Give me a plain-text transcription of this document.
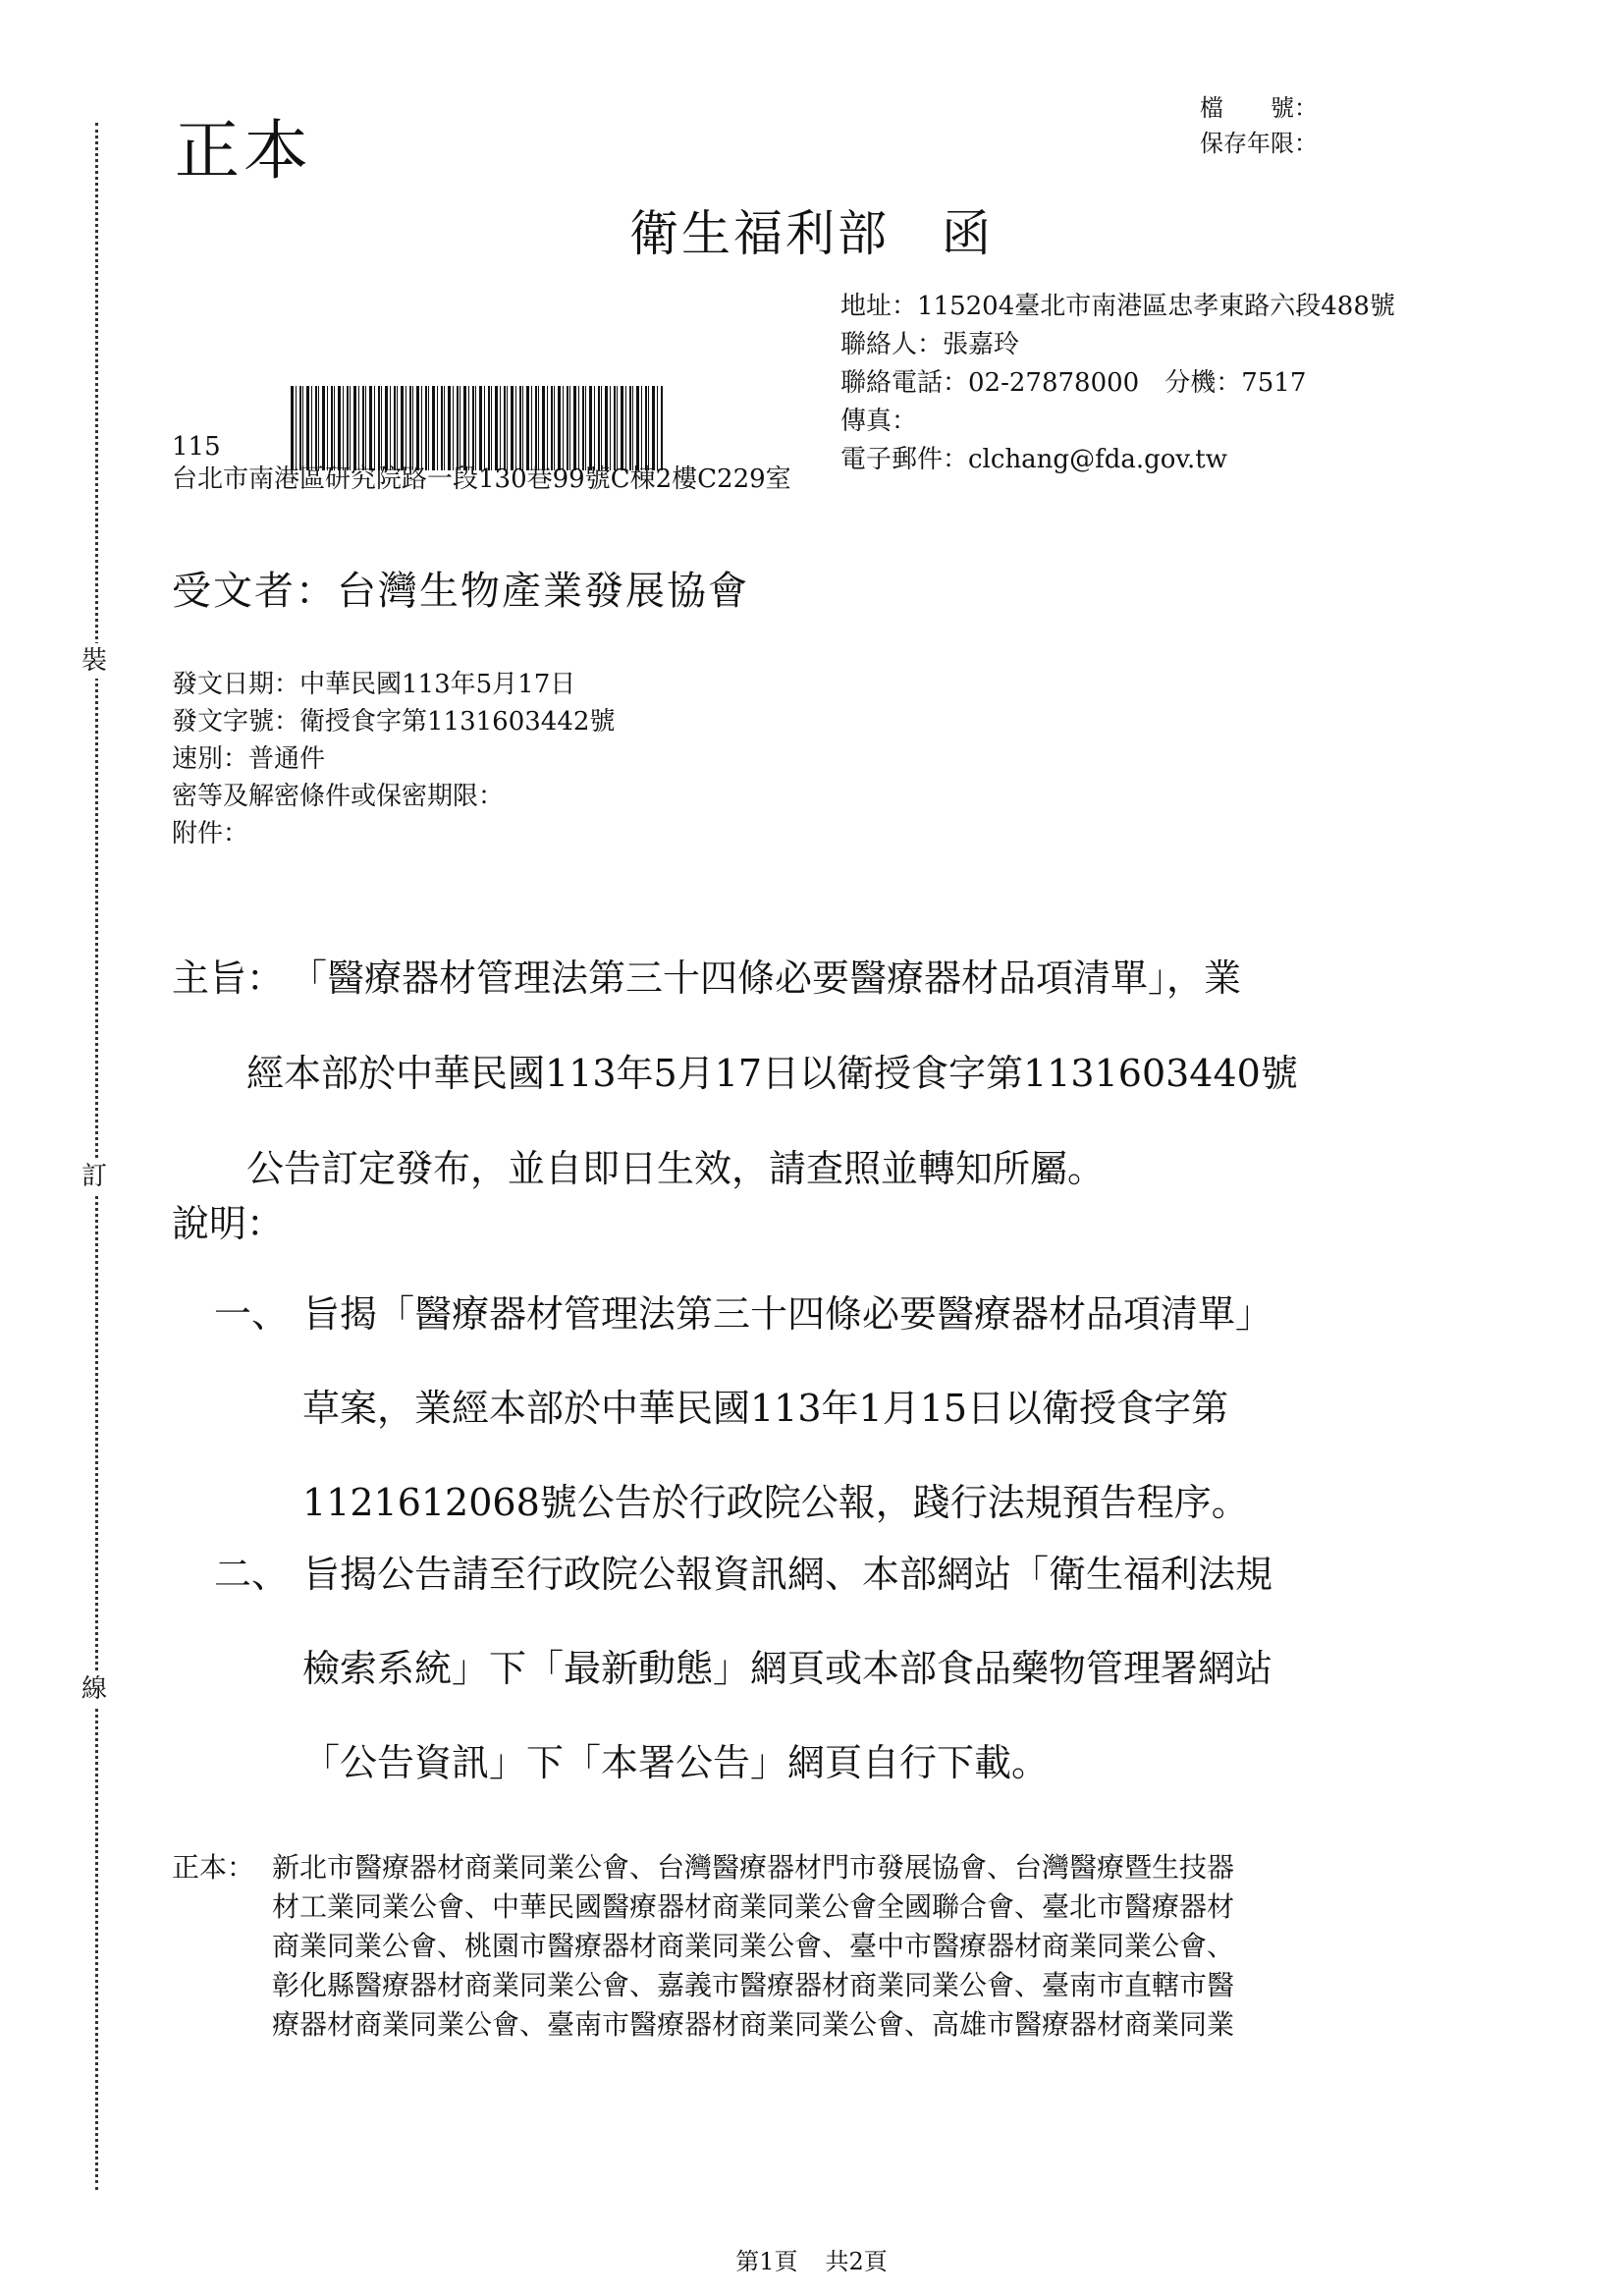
裝
訂
線
正本
檔　　號：
保存年限：
衛生福利部　函
地址：115204臺北市南港區忠孝東路六段488號
聯絡人：張嘉玲
聯絡電話：02-27878000　分機：7517
傳真：
電子郵件：clchang@fda.gov.tw
115
台北市南港區研究院路一段130巷99號C棟2樓C229室
受文者：台灣生物產業發展協會
發文日期：中華民國113年5月17日
發文字號：衛授食字第1131603442號
速別：普通件
密等及解密條件或保密期限：
附件：
主旨： 「醫療器材管理法第三十四條必要醫療器材品項清單」，業
　　經本部於中華民國113年5月17日以衛授食字第1131603440號
　　公告訂定發布，並自即日生效，請查照並轉知所屬。
說明：
一、 旨揭「醫療器材管理法第三十四條必要醫療器材品項清單」
草案，業經本部於中華民國113年1月15日以衛授食字第
1121612068號公告於行政院公報，踐行法規預告程序。
二、 旨揭公告請至行政院公報資訊網、本部網站「衛生福利法規
檢索系統」下「最新動態」網頁或本部食品藥物管理署網站
「公告資訊」下「本署公告」網頁自行下載。
正本： 新北市醫療器材商業同業公會、台灣醫療器材門市發展協會、台灣醫療暨生技器
材工業同業公會、中華民國醫療器材商業同業公會全國聯合會、臺北市醫療器材
商業同業公會、桃園市醫療器材商業同業公會、臺中市醫療器材商業同業公會、
彰化縣醫療器材商業同業公會、嘉義市醫療器材商業同業公會、臺南市直轄市醫
療器材商業同業公會、臺南市醫療器材商業同業公會、高雄市醫療器材商業同業
第1頁 共2頁
